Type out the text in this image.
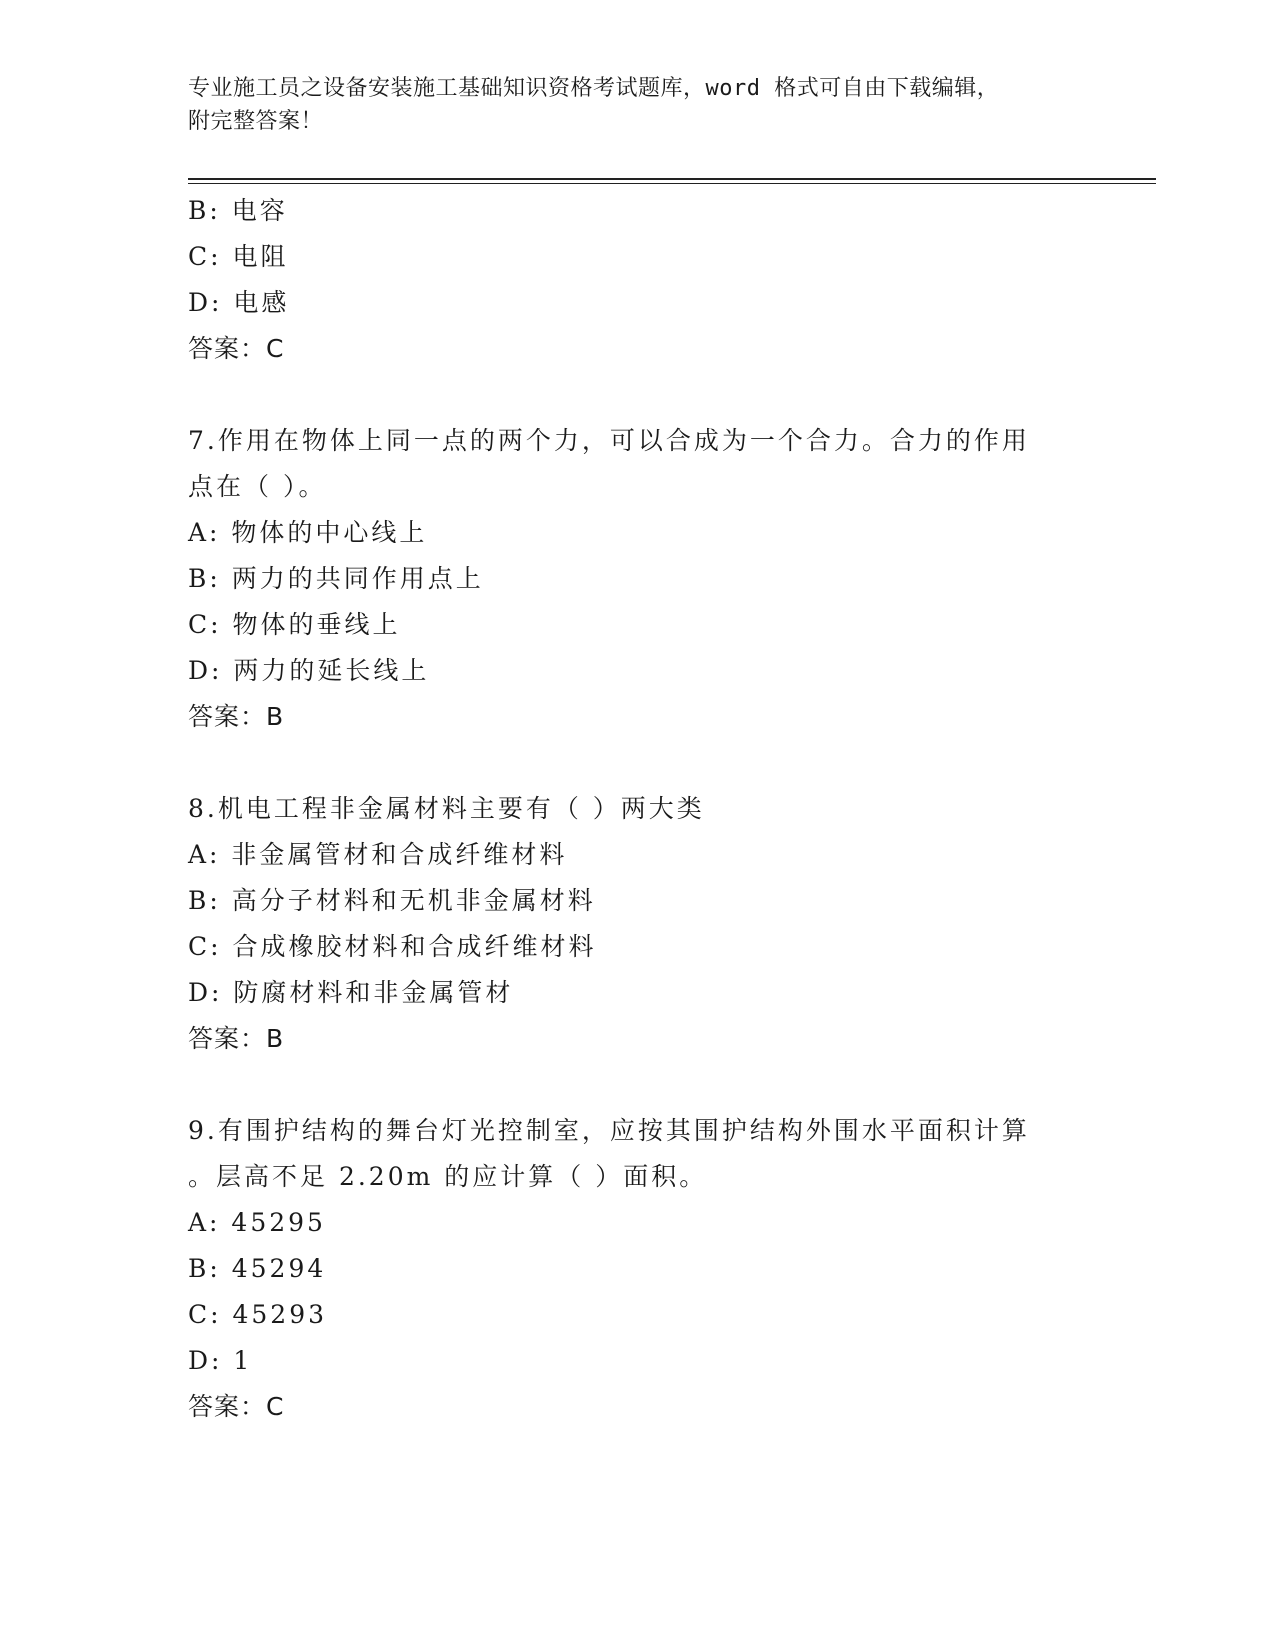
专业施工员之设备安装施工基础知识资格考试题库，word 格式可自由下载编辑，
附完整答案！
B: 电容
C: 电阻
D: 电感
答案：C
7.作用在物体上同一点的两个力，可以合成为一个合力。合力的作用
点在（ ）。
A: 物体的中心线上
B: 两力的共同作用点上
C: 物体的垂线上
D: 两力的延长线上
答案：B
8.机电工程非金属材料主要有（ ）两大类
A: 非金属管材和合成纤维材料
B: 高分子材料和无机非金属材料
C: 合成橡胶材料和合成纤维材料
D: 防腐材料和非金属管材
答案：B
9.有围护结构的舞台灯光控制室，应按其围护结构外围水平面积计算
。层高不足 2.20m 的应计算（ ）面积。
A: 45295
B: 45294
C: 45293
D: 1
答案：C
